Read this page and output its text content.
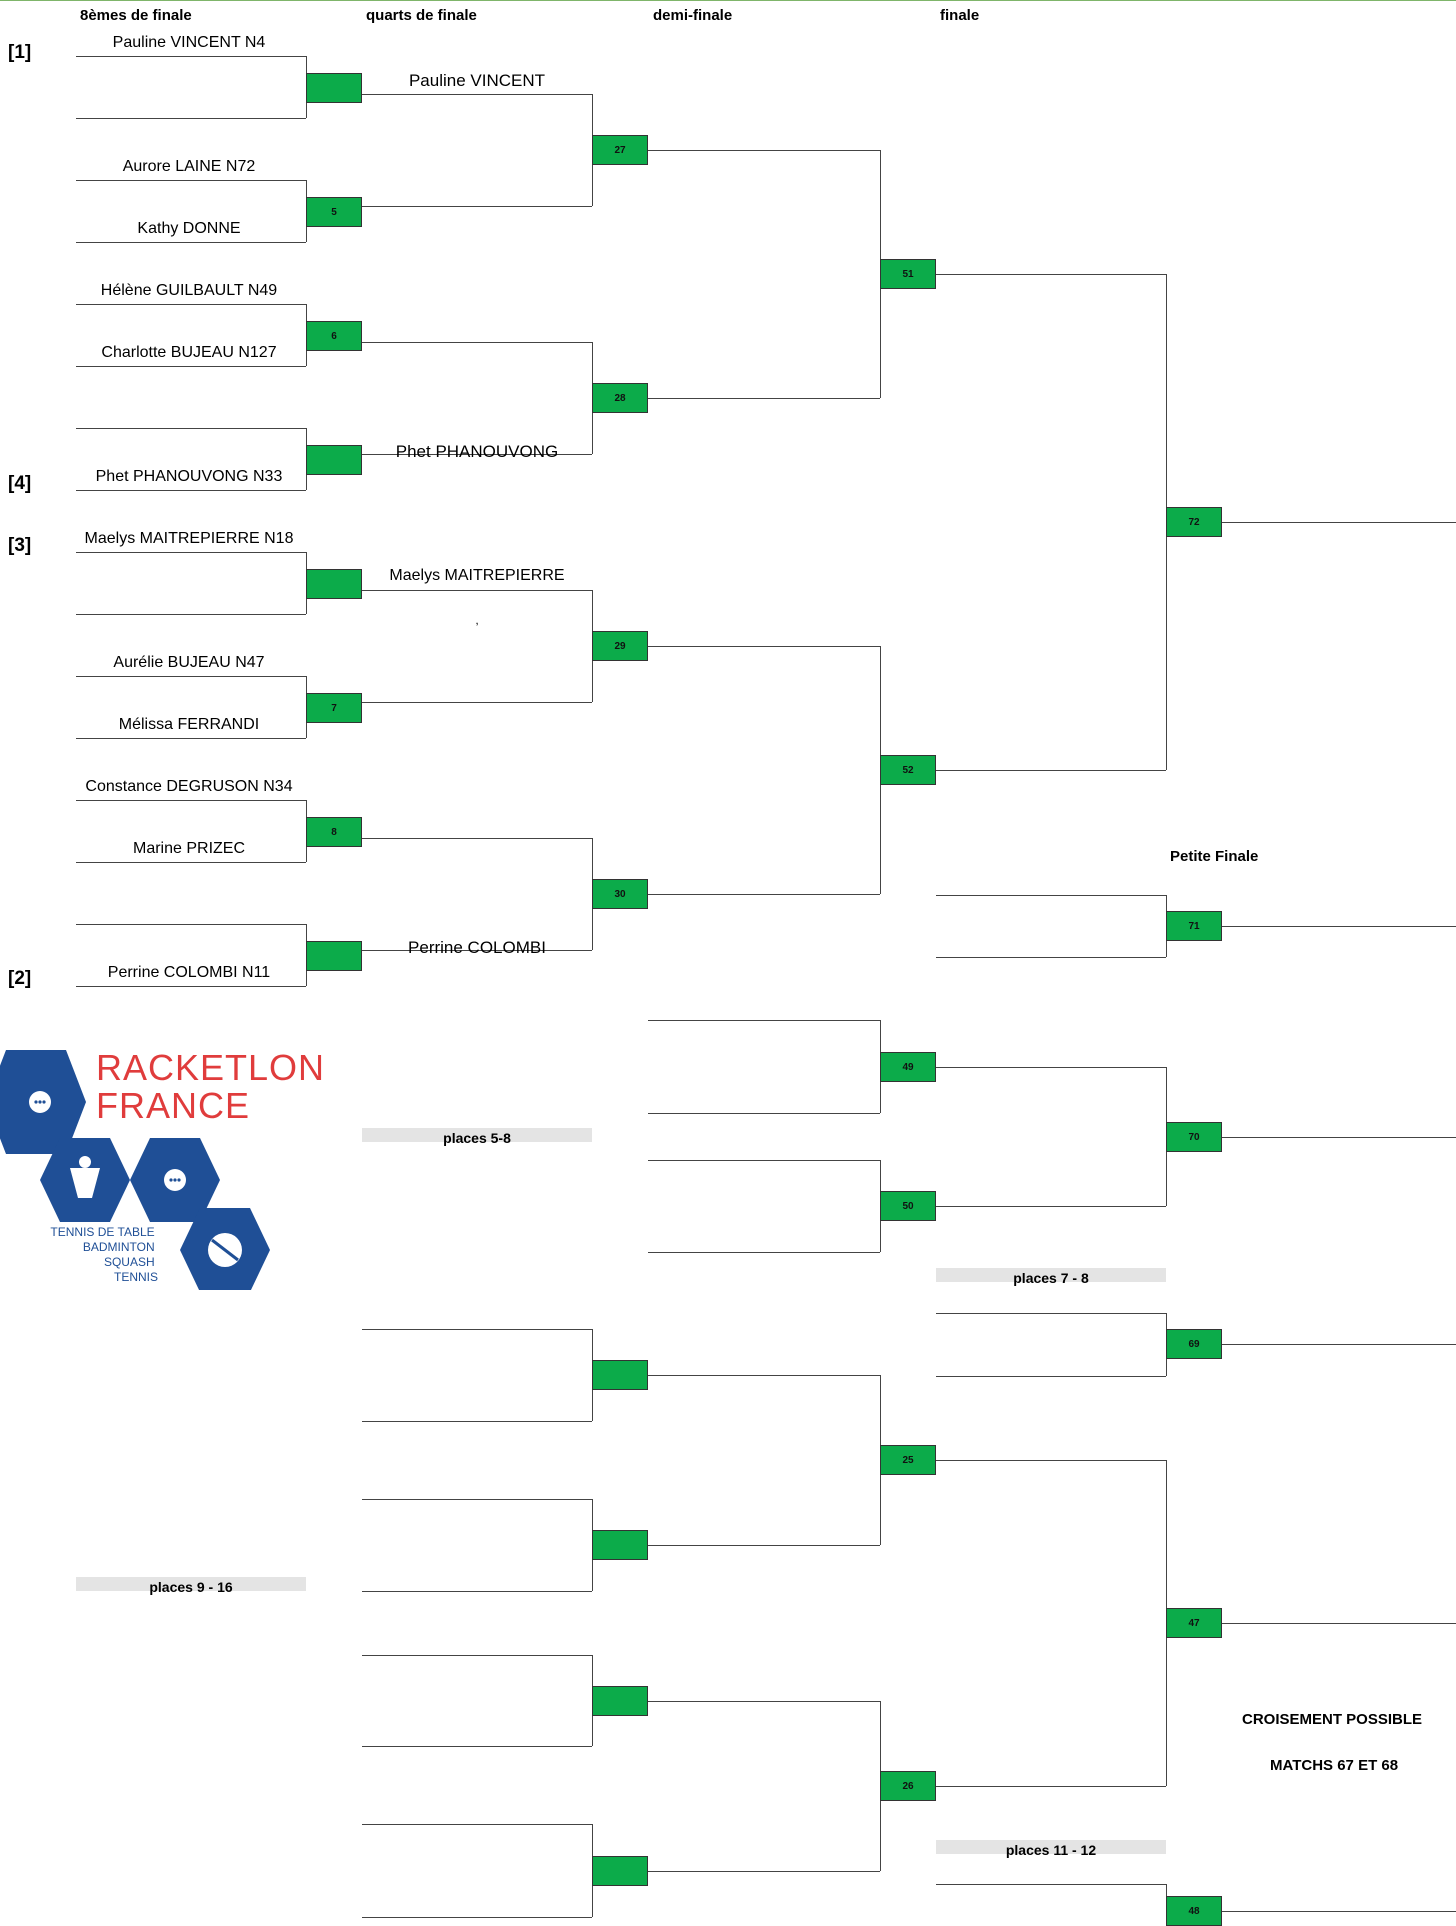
8èmes de finale	quarts de finale	demi-finale	finale
[1]
[4]
[3]
[2]
Pauline VINCENT N4
5
Aurore LAINE N72
Kathy DONNE
6
Hélène GUILBAULT N49
Charlotte BUJEAU N127
Phet PHANOUVONG N33
Maelys MAITREPIERRE N18
7
Aurélie BUJEAU N47
Mélissa FERRANDI
8
Constance DEGRUSON N34
Marine PRIZEC
Perrine COLOMBI N11
27
28
29
30
Pauline VINCENT
Phet PHANOUVONG
Maelys MAITREPIERRE
,
Perrine COLOMBI
51
52
72
Petite Finale
71
places 5-8
49
50
70
places 7 - 8
69
places 9 - 16
25
26
47
CROISEMENT POSSIBLE
MATCHS 67 ET 68
places 11 - 12
48
RACKETLON
FRANCE
TENNIS DE TABLE BADMINTON SQUASH TENNIS
